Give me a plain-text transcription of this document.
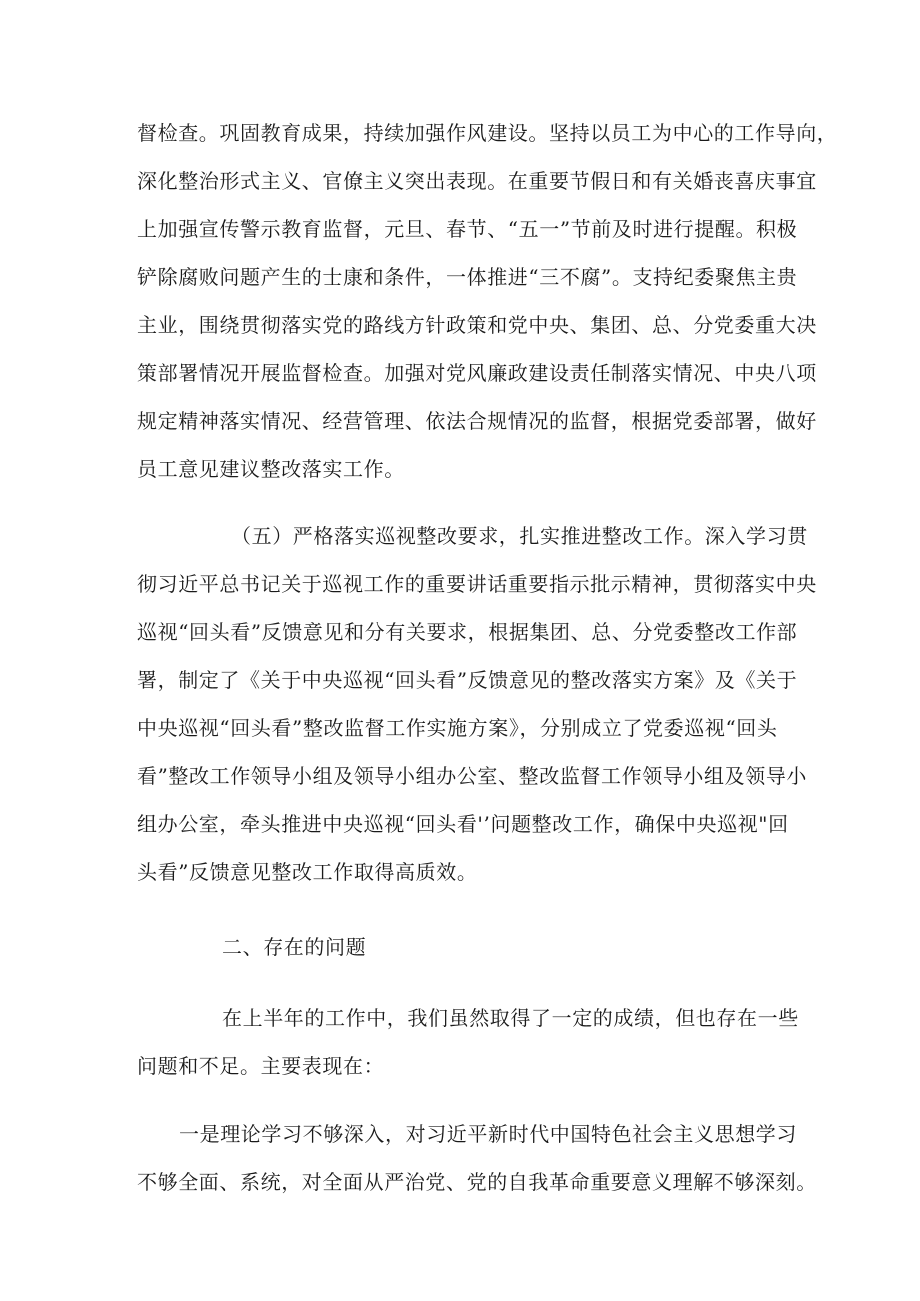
督检查。巩固教育成果，持续加强作风建设。坚持以员工为中心的工作导向，
深化整治形式主义、官僚主义突出表现。在重要节假日和有关婚丧喜庆事宜
上加强宣传警示教育监督，元旦、春节、“五一”节前及时进行提醒。积极
铲除腐败问题产生的士康和条件，一体推进“三不腐”。支持纪委聚焦主贵
主业，围绕贯彻落实党的路线方针政策和党中央、集团、总、分党委重大决
策部署情况开展监督检查。加强对党风廉政建设责任制落实情况、中央八项
规定精神落实情况、经营管理、依法合规情况的监督，根据党委部署，做好
员工意见建议整改落实工作。
（五）严格落实巡视整改要求，扎实推进整改工作。深入学习贯
彻习近平总书记关于巡视工作的重要讲话重要指示批示精神，贯彻落实中央
巡视“回头看”反馈意见和分有关要求，根据集团、总、分党委整改工作部
署，制定了《关于中央巡视“回头看”反馈意见的整改落实方案》及《关于
中央巡视“回头看”整改监督工作实施方案》，分别成立了党委巡视“回头
看”整改工作领导小组及领导小组办公室、整改监督工作领导小组及领导小
组办公室，牵头推进中央巡视“回头看'’问题整改工作，确保中央巡视"回
头看”反馈意见整改工作取得高质效。
二、存在的问题
在上半年的工作中，我们虽然取得了一定的成绩，但也存在一些
问题和不足。主要表现在：
一是理论学习不够深入，对习近平新时代中国特色社会主义思想学习
不够全面、系统，对全面从严治党、党的自我革命重要意义理解不够深刻。
